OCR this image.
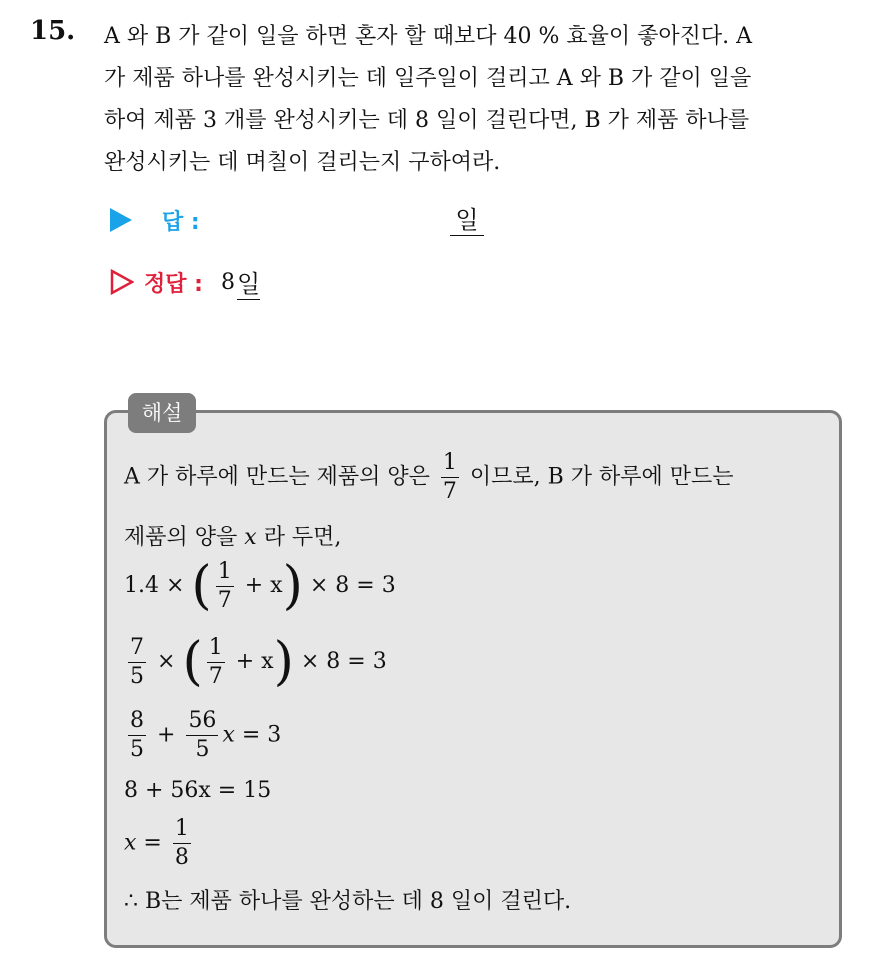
15. A 와 B 가 같이 일을 하면 혼자 할 때보다 40 % 효율이 좋아진다. A
가 제품 하나를 완성시키는 데 일주일이 걸리고 A 와 B 가 같이 일을
하여 제품 3 개를 완성시키는 데 8 일이 걸린다면, B 가 제품 하나를
완성시키는 데 며칠이 걸리는지 구하여라.
답 :	일
정답 : 8 일
해설
A 가 하루에 만드는 제품의 양은 $\frac{1}{7}$ 이므로, B 가 하루에 만드는
제품의 양을 x 라 두면,
1.4 × ( $\frac{1}{7} + x) \times 8 = 3$
$\frac{7}{5}$ × ( $\frac{1}{7} + x) \times 8 = 3$
$\frac{8}{5} + \frac{56}{5}$ x = 3
8 + 56x = 15
$x = \frac{1}{8}$
∴ B는 제품 하나를 완성하는 데 8 일이 걸린다.
